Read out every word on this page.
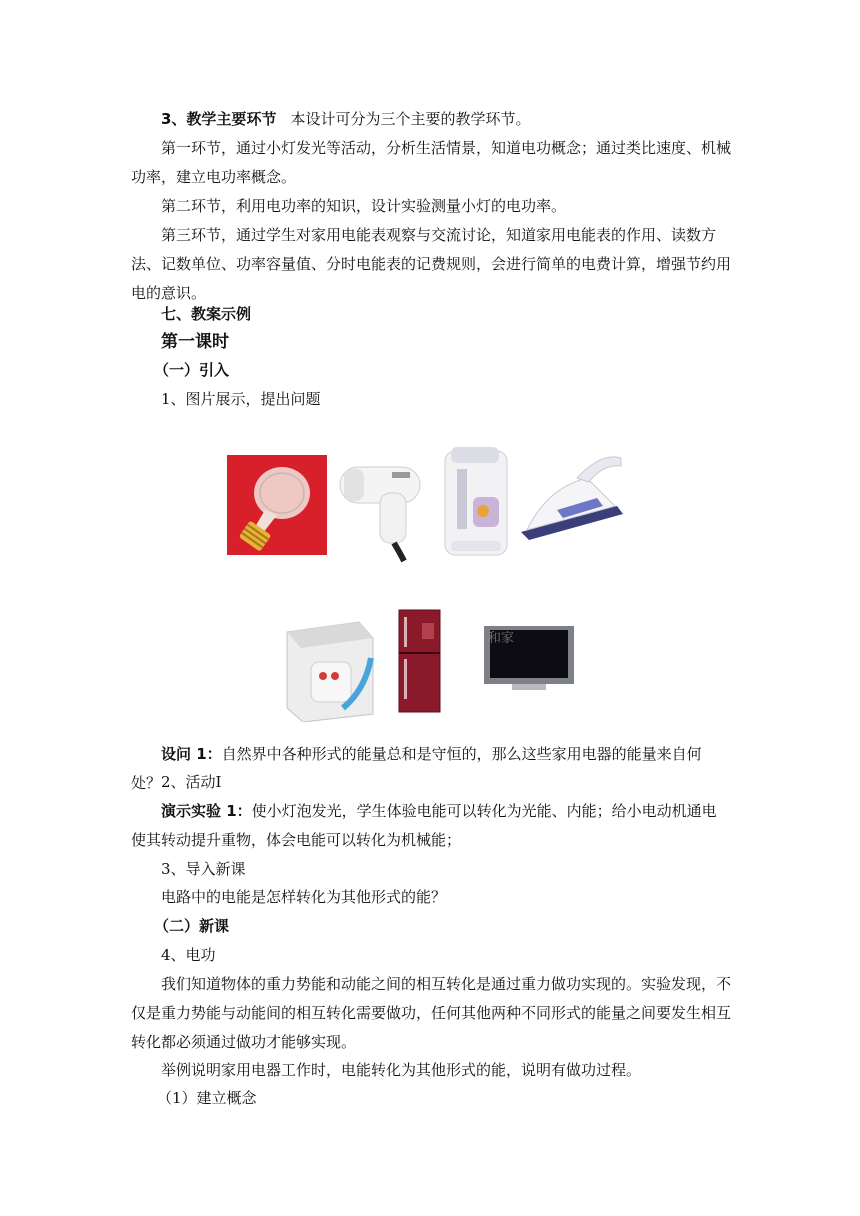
3、教学主要环节 本设计可分为三个主要的教学环节。

第一环节，通过小灯发光等活动，分析生活情景，知道电功概念；通过类比速度、机械功率，建立电功率概念。

第二环节，利用电功率的知识，设计实验测量小灯的电功率。

第三环节，通过学生对家用电能表观察与交流讨论，知道家用电能表的作用、读数方法、记数单位、功率容量值、分时电能表的记费规则，会进行简单的电费计算，增强节约用电的意识。

七、教案示例

第一课时

（一）引入

1、图片展示，提出问题

和家

设问 1：自然界中各种形式的能量总和是守恒的，那么这些家用电器的能量来自何处？ 2、活动Ⅰ

演示实验 1：使小灯泡发光，学生体验电能可以转化为光能、内能；给小电动机通电使其转动提升重物，体会电能可以转化为机械能；

3、导入新课

电路中的电能是怎样转化为其他形式的能？

（二）新课

4、电功

我们知道物体的重力势能和动能之间的相互转化是通过重力做功实现的。实验发现，不仅是重力势能与动能间的相互转化需要做功，任何其他两种不同形式的能量之间要发生相互转化都必须通过做功才能够实现。

举例说明家用电器工作时，电能转化为其他形式的能，说明有做功过程。

（1）建立概念
